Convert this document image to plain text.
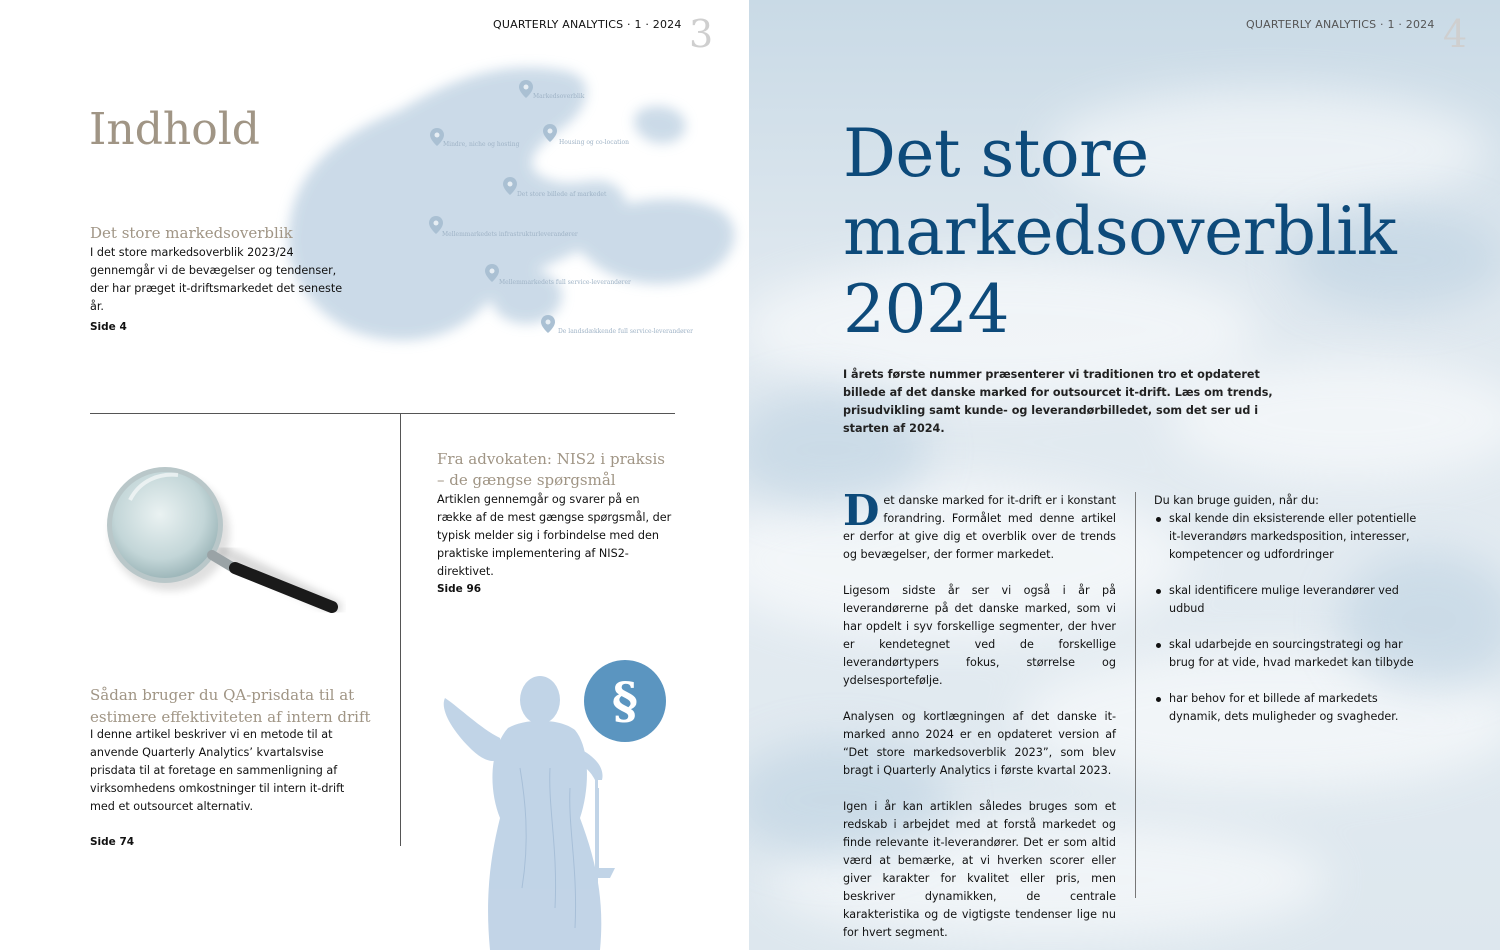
Markedsoverblik
Mindre, niche og hosting	Housing og co-location
Det store billede af markedet
Mellemmarkedets infrastrukturleverandører
Mellemmarkedets full service-leverandører
De landsdækkende full service-leverandører
QUARTERLY ANALYTICS · 1 · 2024 3
Indhold
Det store markedsoverblik
I det store markedsoverblik 2023/24 gennemgår vi de bevægelser og tendenser, der har præget it-driftsmarkedet det seneste år.
Side 4
Fra advokaten: NIS2 i praksis
– de gængse spørgsmål
Artiklen gennemgår og svarer på en række af de mest gængse spørgsmål, der typisk melder sig i forbindelse med den praktiske implementering af NIS2-direktivet.
Side 96
Sådan bruger du QA-prisdata til at
estimere effektiviteten af intern drift
I denne artikel beskriver vi en metode til at anvende Quarterly Analytics’ kvartalsvise prisdata til at foretage en sammenligning af virksomhedens omkostninger til intern it-drift med et outsourcet alternativ.
Side 74
§
QUARTERLY ANALYTICS · 1 · 2024 4
Det store
markedsoverblik
2024
I årets første nummer præsenterer vi traditionen tro et opdateret billede af det danske marked for outsourcet it-drift. Læs om trends, prisudvikling samt kunde- og leverandørbilledet, som det ser ud i starten af 2024.

Det danske marked for it-drift er i konstant forandring. Formålet med denne artikel er derfor at give dig et overblik over de trends og bevægelser, der former markedet.

Ligesom sidste år ser vi også i år på leverandørerne på det danske marked, som vi har opdelt i syv forskellige segmenter, der hver er kendetegnet ved de forskellige leverandørtypers fokus, størrelse og ydelsesportefølje.

Analysen og kortlægningen af det danske it-marked anno 2024 er en opdateret version af “Det store markedsoverblik 2023”, som blev bragt i Quarterly Analytics i første kvartal 2023.

Igen i år kan artiklen således bruges som et redskab i arbejdet med at forstå markedet og finde relevante it-leverandører. Det er som altid værd at bemærke, at vi hverken scorer eller giver karakter for kvalitet eller pris, men beskriver dynamikken, de centrale karakteristika og de vigtigste tendenser lige nu for hvert segment.

Du kan bruge guiden, når du:
skal kende din eksisterende eller potentielle it-leverandørs markedsposition, interesser, kompetencer og udfordringer
skal identificere mulige leverandører ved udbud
skal udarbejde en sourcingstrategi og har brug for at vide, hvad markedet kan tilbyde
har behov for et billede af markedets dynamik, dets muligheder og svagheder.
